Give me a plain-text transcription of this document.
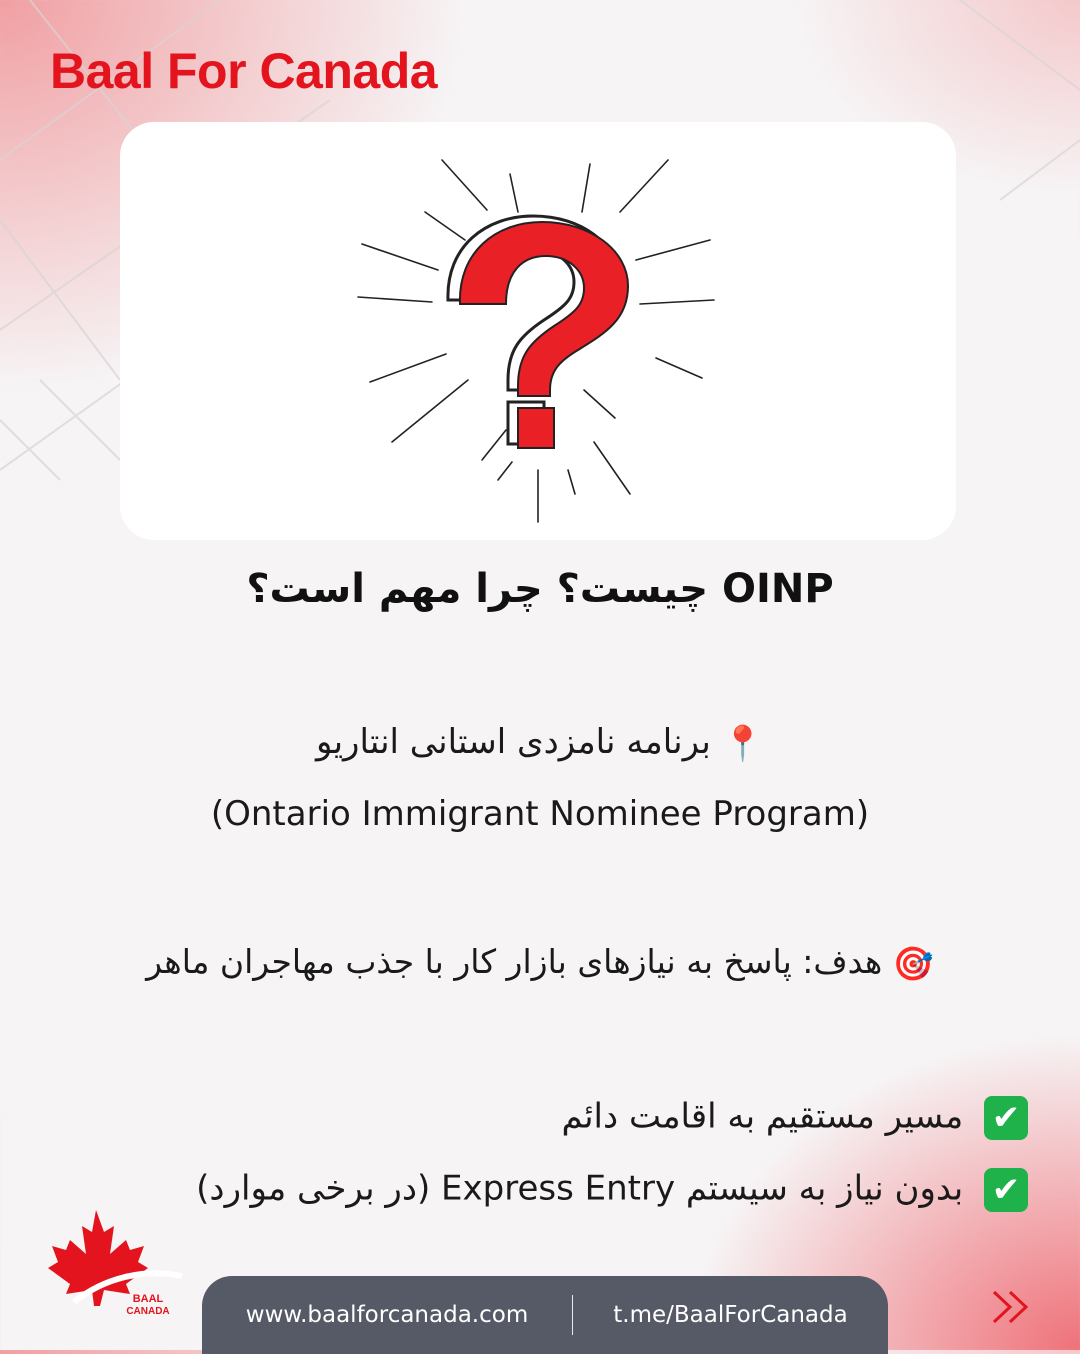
Baal For Canada
OINP چیست؟ چرا مهم است؟
📍 برنامه نامزدی استانی انتاریو
(Ontario Immigrant Nominee Program)
🎯 هدف: پاسخ به نیازهای بازار کار با جذب مهاجران ماهر
✔ مسیر مستقیم به اقامت دائم
✔ بدون نیاز به سیستم Express Entry (در برخی موارد)
BAAL
CANADA	www.baalforcanada.com	t.me/BaalForCanada
